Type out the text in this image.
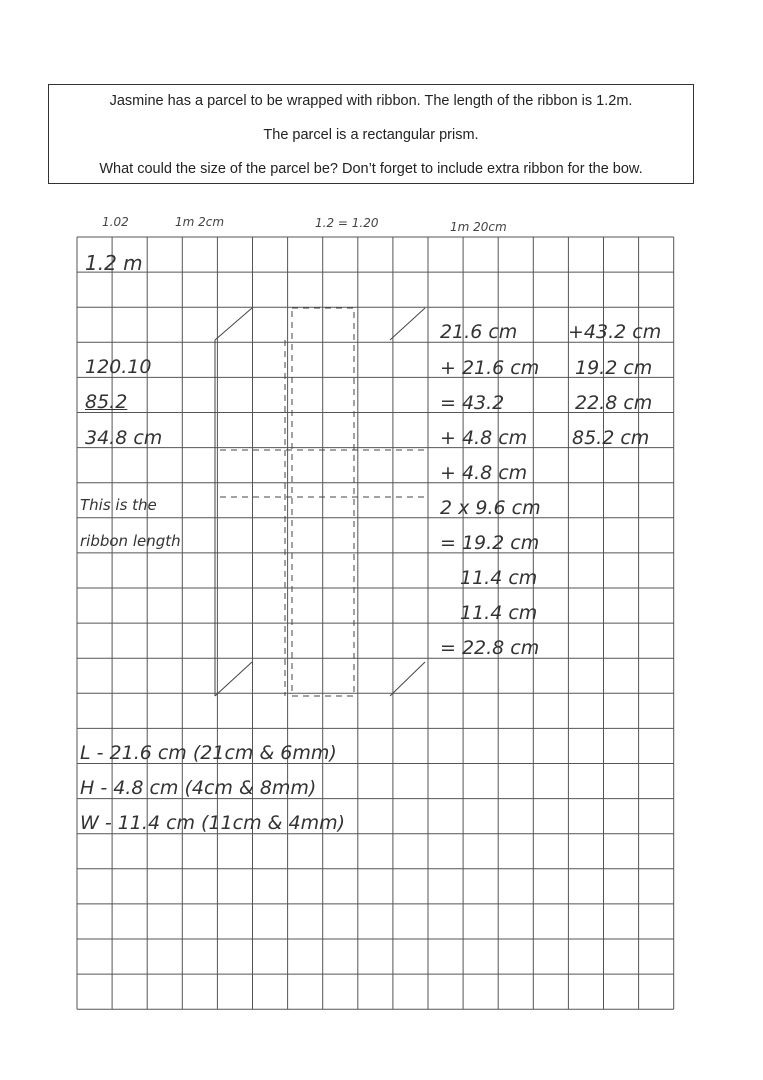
Jasmine has a parcel to be wrapped with ribbon. The length of the ribbon is 1.2m.
The parcel is a rectangular prism.
What could the size of the parcel be? Don’t forget to include extra ribbon for the bow.
1.02	1m 2cm	1.2 = 1.20	1m 20cm
1.2 m
120.10
85.2
34.8 cm
This is the
ribbon length
21.6 cm
+ 21.6 cm
= 43.2
+ 4.8 cm
+ 4.8 cm
2 x 9.6 cm
= 19.2 cm
11.4 cm
11.4 cm
= 22.8 cm
+43.2 cm
19.2 cm
22.8 cm
85.2 cm
L - 21.6 cm (21cm & 6mm)
H - 4.8 cm (4cm & 8mm)
W - 11.4 cm (11cm & 4mm)
